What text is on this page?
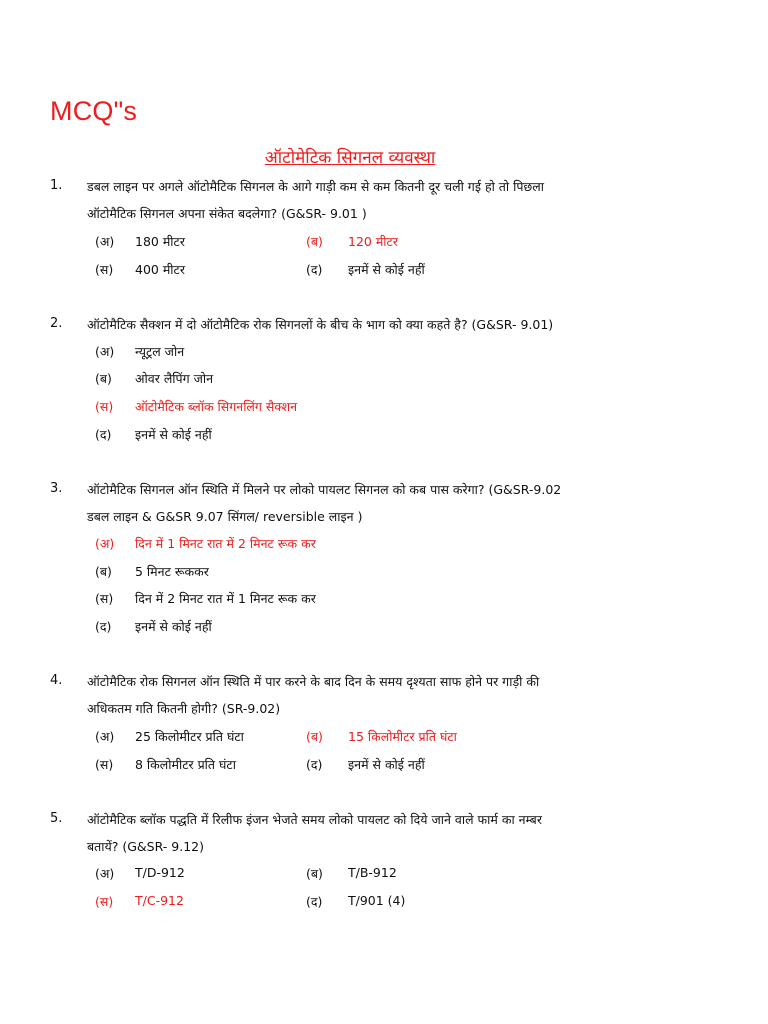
MCQ"s
ऑटोमेटिक सिगनल व्यवस्था
1. डबल लाइन पर अगले ऑटोमैटिक सिगनल के आगे गाड़ी कम से कम कितनी दूर चली गई हो तो पिछला
ऑटोमैटिक सिगनल अपना संकेत बदलेगा? (G&SR- 9.01 )
(अ) 180 मीटर	(ब) 120 मीटर
(स) 400 मीटर	(द) इनमें से कोई नहीं
2. ऑटोमैटिक सैक्शन में दो ऑटोमैटिक रोक सिगनलों के बीच के भाग को क्या कहते है? (G&SR- 9.01)
(अ) न्यूट्रल जोन
(ब) ओवर लैपिंग जोन
(स) ऑटोमैटिक ब्लॉक सिगनलिंग सैक्शन
(द) इनमें से कोई नहीं
3. ऑटोमैटिक सिगनल ऑन स्थिति में मिलने पर लोको पायलट सिगनल को कब पास करेगा? (G&SR-9.02
डबल लाइन & G&SR 9.07 सिंगल/ reversible लाइन )
(अ) दिन में 1 मिनट रात में 2 मिनट रूक कर
(ब) 5 मिनट रूककर
(स) दिन में 2 मिनट रात में 1 मिनट रूक कर
(द) इनमें से कोई नहीं
4. ऑटोमैटिक रोक सिगनल ऑन स्थिति में पार करने के बाद दिन के समय दृश्यता साफ होने पर गाड़ी की
अधिकतम गति कितनी होगी? (SR-9.02)
(अ) 25 किलोमीटर प्रति घंटा	(ब) 15 किलोमीटर प्रति घंटा
(स) 8 किलोमीटर प्रति घंटा	(द) इनमें से कोई नहीं
5. ऑटोमैटिक ब्लॉक पद्धति में रिलीफ इंजन भेजते समय लोको पायलट को दिये जाने वाले फार्म का नम्बर
बतायें? (G&SR- 9.12)
(अ) T/D-912	(ब) T/B-912
(स) T/C-912	(द) T/901 (4)
